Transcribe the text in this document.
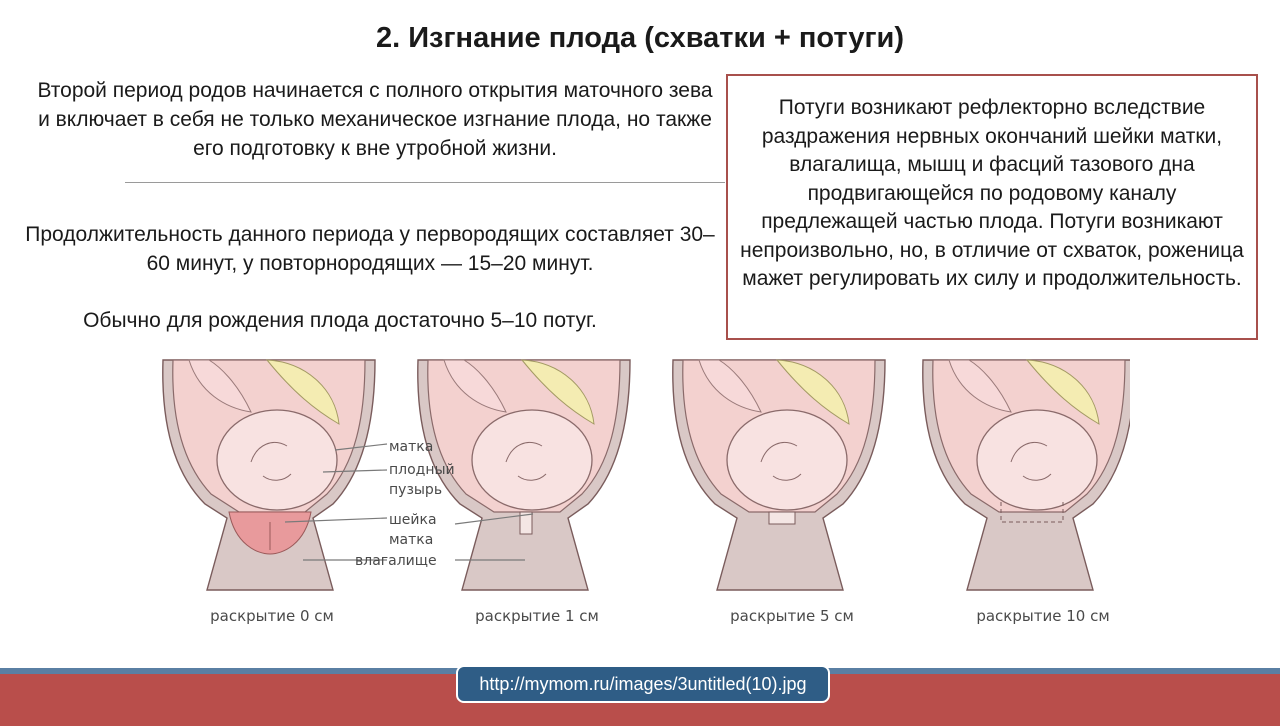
2. Изгнание плода (схватки + потуги)

Второй период родов начинается с полного открытия маточного зева и включает в себя не только механическое изгнание плода, но также его подготовку к вне утробной жизни.

Продолжительность данного периода у первородящих составляет 30–60 минут, у повторнородящих — 15–20 минут.

Обычно для рождения плода достаточно 5–10 потуг.

Потуги возникают рефлекторно вследствие раздражения нервных окончаний шейки матки, влагалища, мышц и фасций тазового дна продвигающейся по родовому каналу предлежащей частью плода. Потуги возникают непроизвольно, но, в отличие от схваток, роженица мажет регулировать их силу и продолжительность.
матка
плодный
пузырь
шейка
матка
влагалище
раскрытие 0 см	раскрытие 1 см	раскрытие 5 см	раскрытие 10 см
http://mymom.ru/images/3untitled(10).jpg
